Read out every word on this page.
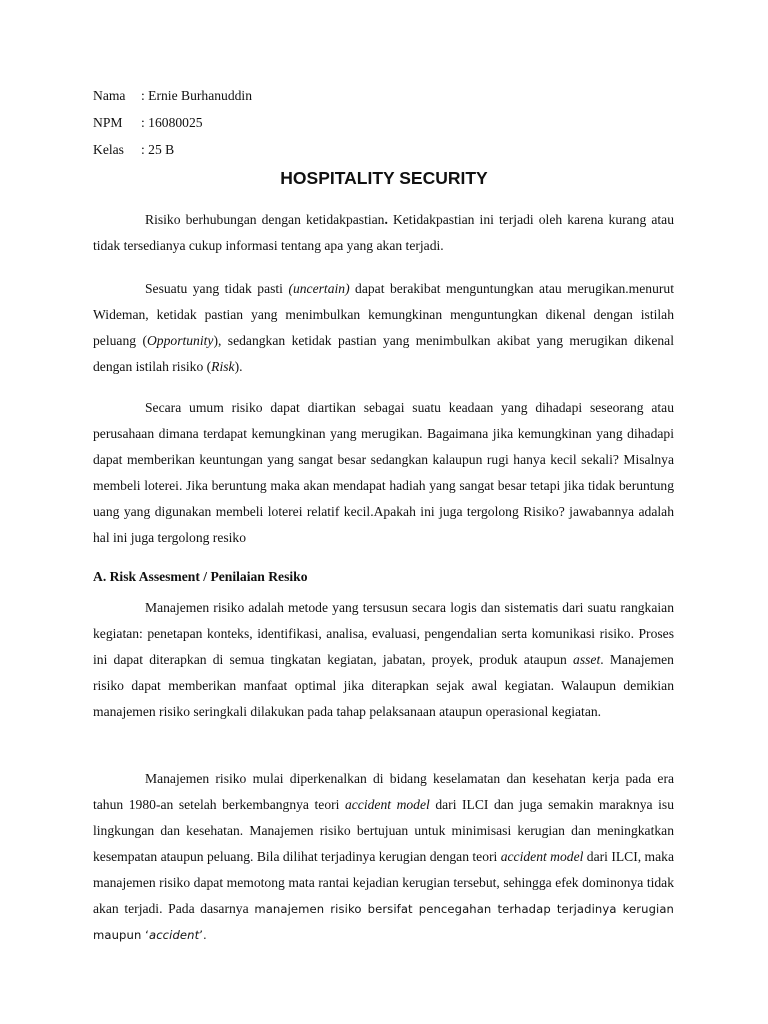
Nama : Ernie Burhanuddin
NPM : 16080025
Kelas : 25 B
HOSPITALITY SECURITY

Risiko berhubungan dengan ketidakpastian. Ketidakpastian ini terjadi oleh karena kurang atau tidak tersedianya cukup informasi tentang apa yang akan terjadi.

Sesuatu yang tidak pasti (uncertain) dapat berakibat menguntungkan atau merugikan.menurut Wideman, ketidak pastian yang menimbulkan kemungkinan menguntungkan dikenal dengan istilah peluang (Opportunity), sedangkan ketidak pastian yang menimbulkan akibat yang merugikan dikenal dengan istilah risiko (Risk).

Secara umum risiko dapat diartikan sebagai suatu keadaan yang dihadapi seseorang atau perusahaan dimana terdapat kemungkinan yang merugikan. Bagaimana jika kemungkinan yang dihadapi dapat memberikan keuntungan yang sangat besar sedangkan kalaupun rugi hanya kecil sekali? Misalnya membeli loterei. Jika beruntung maka akan mendapat hadiah yang sangat besar tetapi jika tidak beruntung uang yang digunakan membeli loterei relatif kecil.Apakah ini juga tergolong Risiko? jawabannya adalah hal ini juga tergolong resiko

A. Risk Assesment / Penilaian Resiko

Manajemen risiko adalah metode yang tersusun secara logis dan sistematis dari suatu rangkaian kegiatan: penetapan konteks, identifikasi, analisa, evaluasi, pengendalian serta komunikasi risiko. Proses ini dapat diterapkan di semua tingkatan kegiatan, jabatan, proyek, produk ataupun asset. Manajemen risiko dapat memberikan manfaat optimal jika diterapkan sejak awal kegiatan. Walaupun demikian manajemen risiko seringkali dilakukan pada tahap pelaksanaan ataupun operasional kegiatan.

Manajemen risiko mulai diperkenalkan di bidang keselamatan dan kesehatan kerja pada era tahun 1980-an setelah berkembangnya teori accident model dari ILCI dan juga semakin maraknya isu lingkungan dan kesehatan. Manajemen risiko bertujuan untuk minimisasi kerugian dan meningkatkan kesempatan ataupun peluang. Bila dilihat terjadinya kerugian dengan teori accident model dari ILCI, maka manajemen risiko dapat memotong mata rantai kejadian kerugian tersebut, sehingga efek dominonya tidak akan terjadi. Pada dasarnya manajemen risiko bersifat pencegahan terhadap terjadinya kerugian maupun ‘accident’.
